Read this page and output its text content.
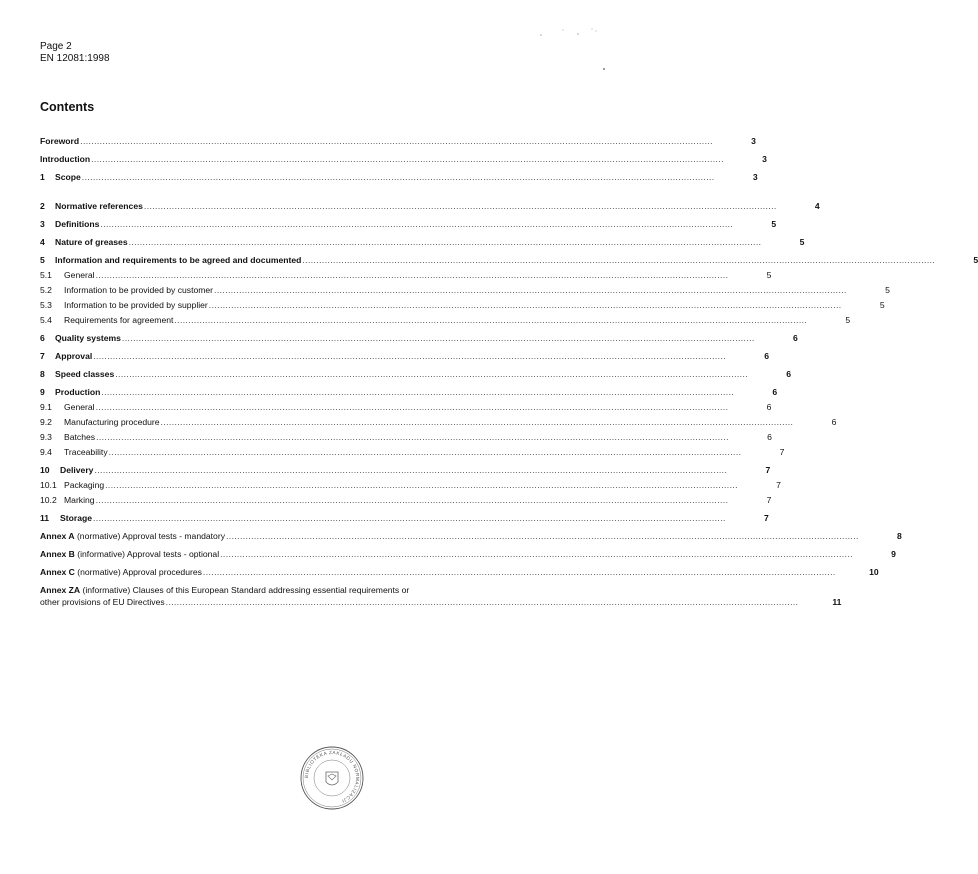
Page 2
EN 12081:1998
Contents
Foreword ...................................................................................................................................................................................................................................	3
Introduction ...................................................................................................................................................................................................................................	3
1	Scope ...................................................................................................................................................................................................................................	3
2	Normative references ...................................................................................................................................................................................................................................	4
3	Definitions ...................................................................................................................................................................................................................................	5
4	Nature of greases ...................................................................................................................................................................................................................................	5
5	Information and requirements to be agreed and documented ...................................................................................................................................................................................................................................	5
5.1	General ...................................................................................................................................................................................................................................	5
5.2	Information to be provided by customer ...................................................................................................................................................................................................................................	5
5.3	Information to be provided by supplier ...................................................................................................................................................................................................................................	5
5.4	Requirements for agreement ...................................................................................................................................................................................................................................	5
6	Quality systems ...................................................................................................................................................................................................................................	6
7	Approval ...................................................................................................................................................................................................................................	6
8	Speed classes ...................................................................................................................................................................................................................................	6
9	Production ...................................................................................................................................................................................................................................	6
9.1	General ...................................................................................................................................................................................................................................	6
9.2	Manufacturing procedure ...................................................................................................................................................................................................................................	6
9.3	Batches ...................................................................................................................................................................................................................................	6
9.4	Traceability ...................................................................................................................................................................................................................................	7
10	Delivery ...................................................................................................................................................................................................................................	7
10.1 Packaging ...................................................................................................................................................................................................................................	7
10.2 Marking ...................................................................................................................................................................................................................................	7
11	Storage ...................................................................................................................................................................................................................................	7
Annex A (normative) Approval tests - mandatory ...................................................................................................................................................................................................................................	8
Annex B (informative) Approval tests - optional ...................................................................................................................................................................................................................................	9
Annex C (normative) Approval procedures ...................................................................................................................................................................................................................................	10
Annex ZA (informative) Clauses of this European Standard addressing essential requirements or
other provisions of EU Directives ...................................................................................................................................................................................................................................	11
BIBLIOTEKA ZAKŁADU NORMALIZACJI
